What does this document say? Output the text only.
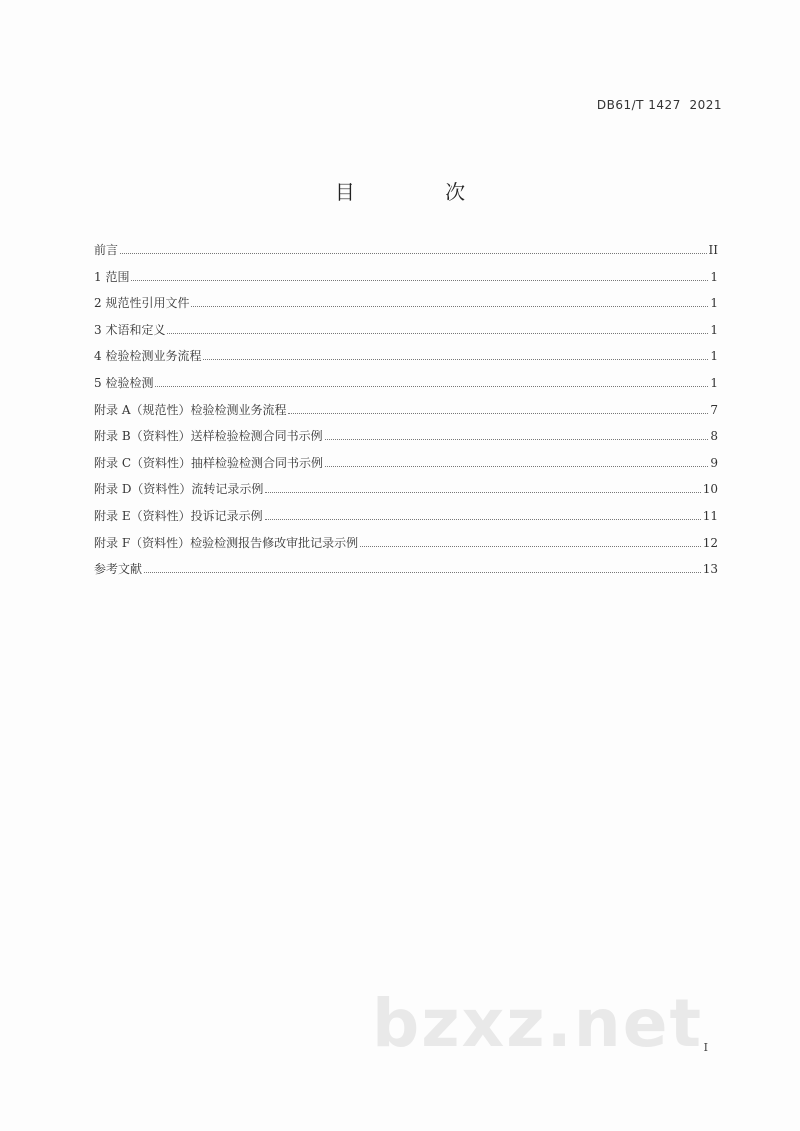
DB61/T 1427  2021
目 次
前言	II
1 范围	1
2 规范性引用文件	1
3 术语和定义	1
4 检验检测业务流程	1
5 检验检测	1
附录 A（规范性）检验检测业务流程	7
附录 B（资料性）送样检验检测合同书示例	8
附录 C（资料性）抽样检验检测合同书示例	9
附录 D（资料性）流转记录示例	10
附录 E（资料性）投诉记录示例	11
附录 F（资料性）检验检测报告修改审批记录示例	12
参考文献	13
bzxz.net I
